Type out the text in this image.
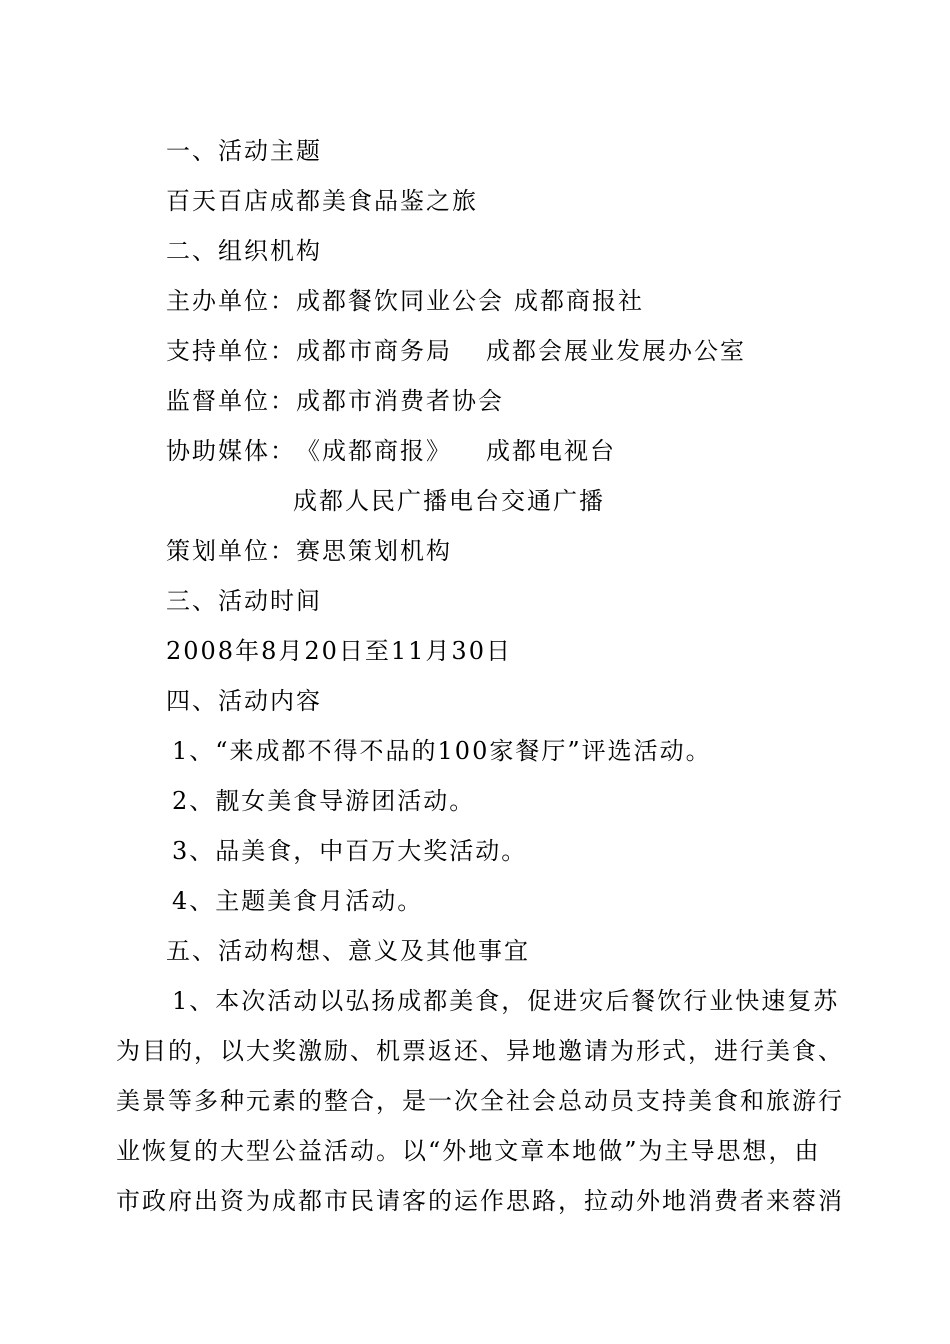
一、活动主题
百天百店成都美食品鉴之旅
二、组织机构
主办单位：成都餐饮同业公会 成都商报社
支持单位：成都市商务局 成都会展业发展办公室
监督单位：成都市消费者协会
协助媒体：《成都商报》 成都电视台
成都人民广播电台交通广播
策划单位：赛思策划机构
三、活动时间
2008年8月20日至11月30日
四、活动内容
1、“来成都不得不品的100家餐厅”评选活动。
2、靓女美食导游团活动。
3、品美食，中百万大奖活动。
4、主题美食月活动。
五、活动构想、意义及其他事宜
1、本次活动以弘扬成都美食，促进灾后餐饮行业快速复苏
为目的，以大奖激励、机票返还、异地邀请为形式，进行美食、
美景等多种元素的整合，是一次全社会总动员支持美食和旅游行
业恢复的大型公益活动。以“外地文章本地做”为主导思想，由
市政府出资为成都市民请客的运作思路，拉动外地消费者来蓉消
